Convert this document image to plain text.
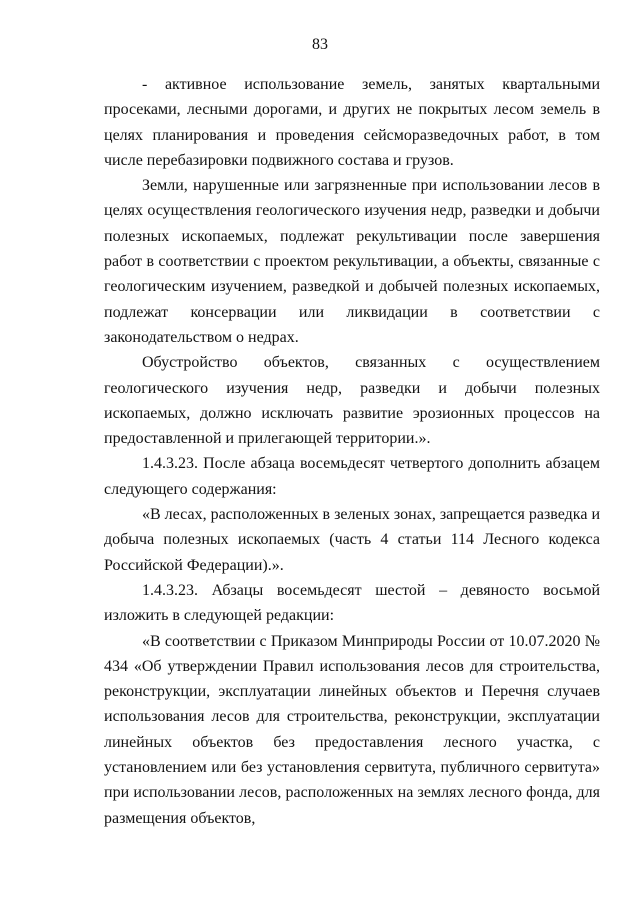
83

- активное использование земель, занятых квартальными просеками, лесными дорогами, и других не покрытых лесом земель в целях планирования и проведения сейсморазведочных работ, в том числе перебазировки подвижного состава и грузов.

Земли, нарушенные или загрязненные при использовании лесов в целях осуществления геологического изучения недр, разведки и добычи полезных ископаемых, подлежат рекультивации после завершения работ в соответствии с проектом рекультивации, а объекты, связанные с геологическим изучением, разведкой и добычей полезных ископаемых, подлежат консервации или ликвидации в соответствии с законодательством о недрах.

Обустройство объектов, связанных с осуществлением геологического изучения недр, разведки и добычи полезных ископаемых, должно исключать развитие эрозионных процессов на предоставленной и прилегающей территории.».

1.4.3.23. После абзаца восемьдесят четвертого дополнить абзацем следующего содержания:

«В лесах, расположенных в зеленых зонах, запрещается разведка и добыча полезных ископаемых (часть 4 статьи 114 Лесного кодекса Российской Федерации).».

1.4.3.23. Абзацы восемьдесят шестой – девяносто восьмой изложить в следующей редакции:

«В соответствии с Приказом Минприроды России от 10.07.2020 № 434 «Об утверждении Правил использования лесов для строительства, реконструкции, эксплуатации линейных объектов и Перечня случаев использования лесов для строительства, реконструкции, эксплуатации линейных объектов без предоставления лесного участка, с установлением или без установления сервитута, публичного сервитута» при использовании лесов, расположенных на землях лесного фонда, для размещения объектов,
